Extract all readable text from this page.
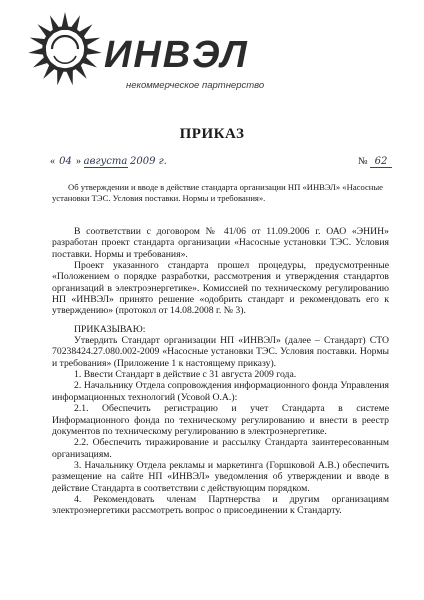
ИНВЭЛ
некоммерческое партнерство
ПРИКАЗ
« 04 » августа 2009 г.	№ 62
Об утверждении и вводе в действие стандарта организации НП «ИНВЭЛ» «Насосные установки ТЭС. Условия поставки. Нормы и требования».

В соответствии с договором № 41/06 от 11.09.2006 г. ОАО «ЭНИН» разработан проект стандарта организации «Насосные установки ТЭС. Условия поставки. Нормы и требования».

Проект указанного стандарта прошел процедуры, предусмотренные «Положением о порядке разработки, рассмотрения и утверждения стандартов организаций в электроэнергетике». Комиссией по техническому регулированию НП «ИНВЭЛ» принято решение «одобрить стандарт и рекомендовать его к утверждению» (протокол от 14.08.2008 г. № 3).

ПРИКАЗЫВАЮ:

Утвердить Стандарт организации НП «ИНВЭЛ» (далее – Стандарт) СТО 70238424.27.080.002-2009 «Насосные установки ТЭС. Условия поставки. Нормы и требования» (Приложение 1 к настоящему приказу).

1. Ввести Стандарт в действие с 31 августа 2009 года.

2. Начальнику Отдела сопровождения информационного фонда Управления информационных технологий (Усовой О.А.):

2.1. Обеспечить регистрацию и учет Стандарта в системе Информационного фонда по техническому регулированию и внести в реестр документов по техническому регулированию в электроэнергетике.

2.2. Обеспечить тиражирование и рассылку Стандарта заинтересованным организациям.

3. Начальнику Отдела рекламы и маркетинга (Горшковой А.В.) обеспечить размещение на сайте НП «ИНВЭЛ» уведомления об утверждении и вводе в действие Стандарта в соответствии с действующим порядком.

4. Рекомендовать членам Партнерства и другим организациям электроэнергетики рассмотреть вопрос о присоединении к Стандарту.
